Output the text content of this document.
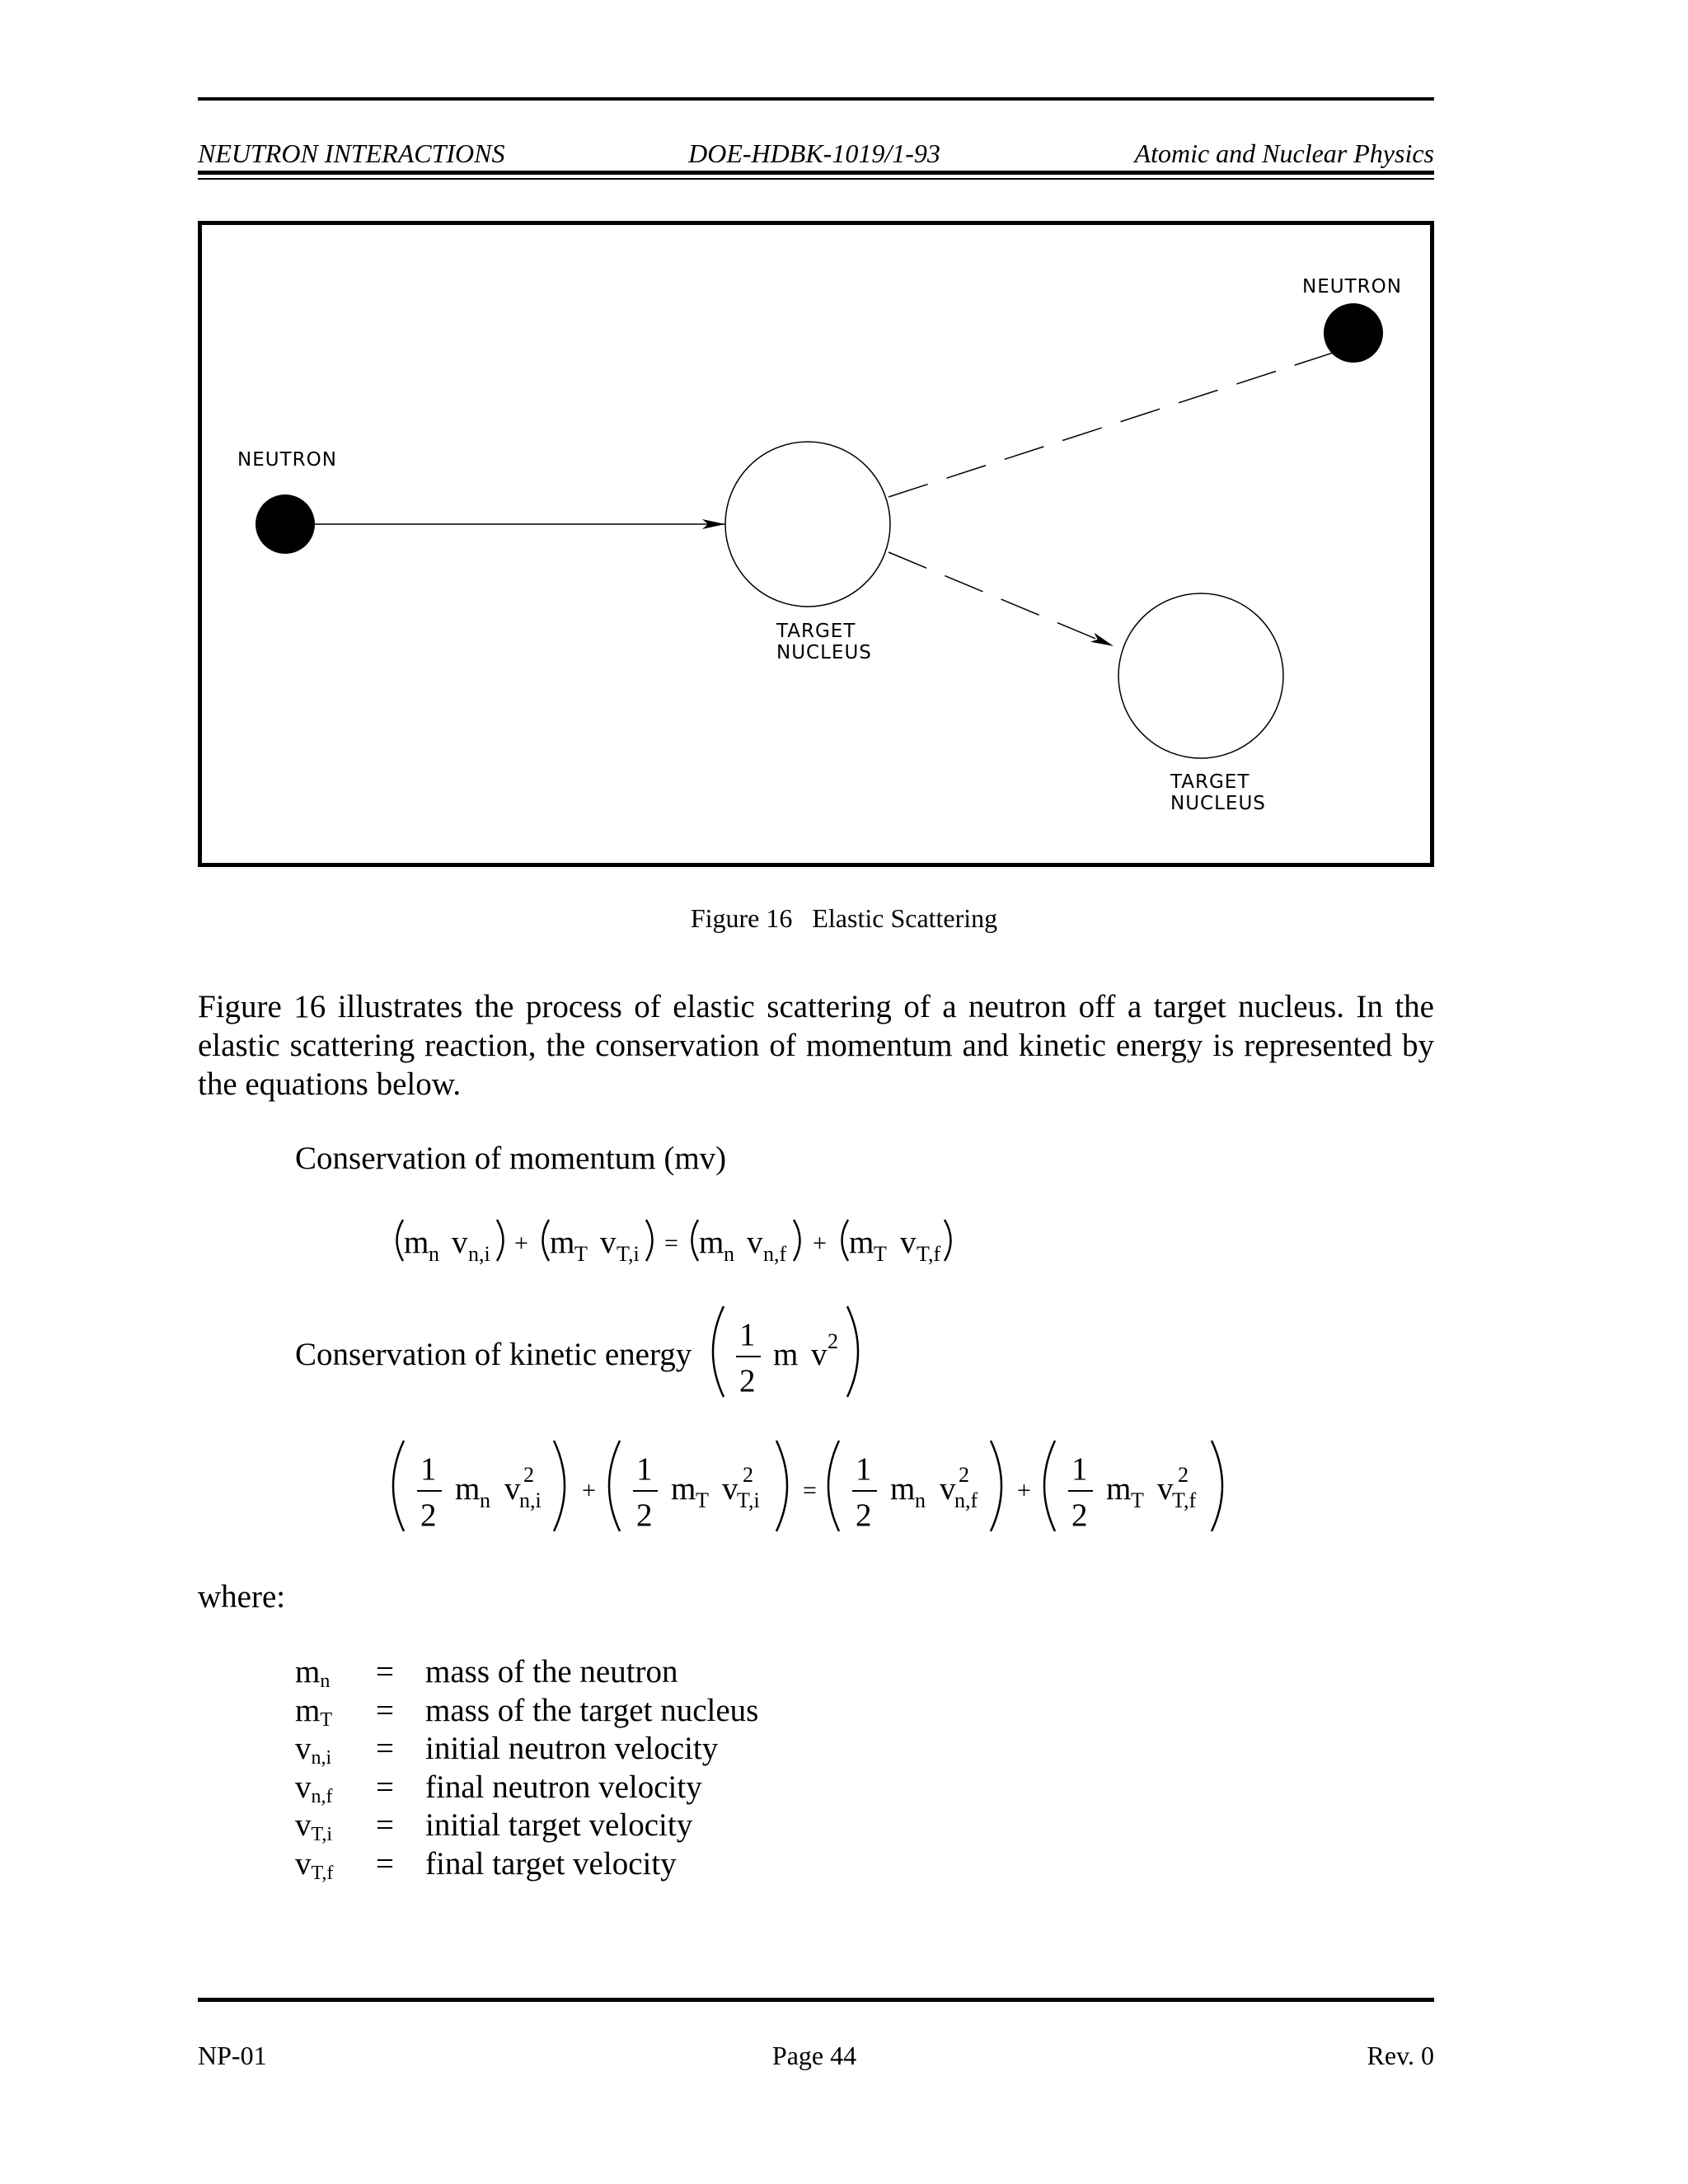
NEUTRON INTERACTIONS	DOE-HDBK-1019/1-93	Atomic and Nuclear Physics
NEUTRON
TARGET
NUCLEUS
NEUTRON
TARGET
NUCLEUS
Figure 16   Elastic Scattering

Figure 16 illustrates the process of elastic scattering of a neutron off a target nucleus. In the elastic scattering reaction, the conservation of momentum and kinetic energy is represented by the equations below.

Conservation of momentum (mv)
Conservation of kinetic energy
m n v n,i + m T v T,i = m n v n,f + m T v T,f
1
2
m v 2
1
2
m n v 2
n,i +
1
2
m T v 2
T,i =
1
2
m n v 2
n,f +
1
2
m T v 2
T,f
where:
$m_n$	= mass of the neutron
$m_T$	= mass of the target nucleus
$v_{n,i}$	= initial neutron velocity
$v_{n,f}$	= final neutron velocity
$v_{T,i}$	= initial target velocity
$v_{T,f}$	= final target velocity
NP-01	Page 44	Rev. 0
